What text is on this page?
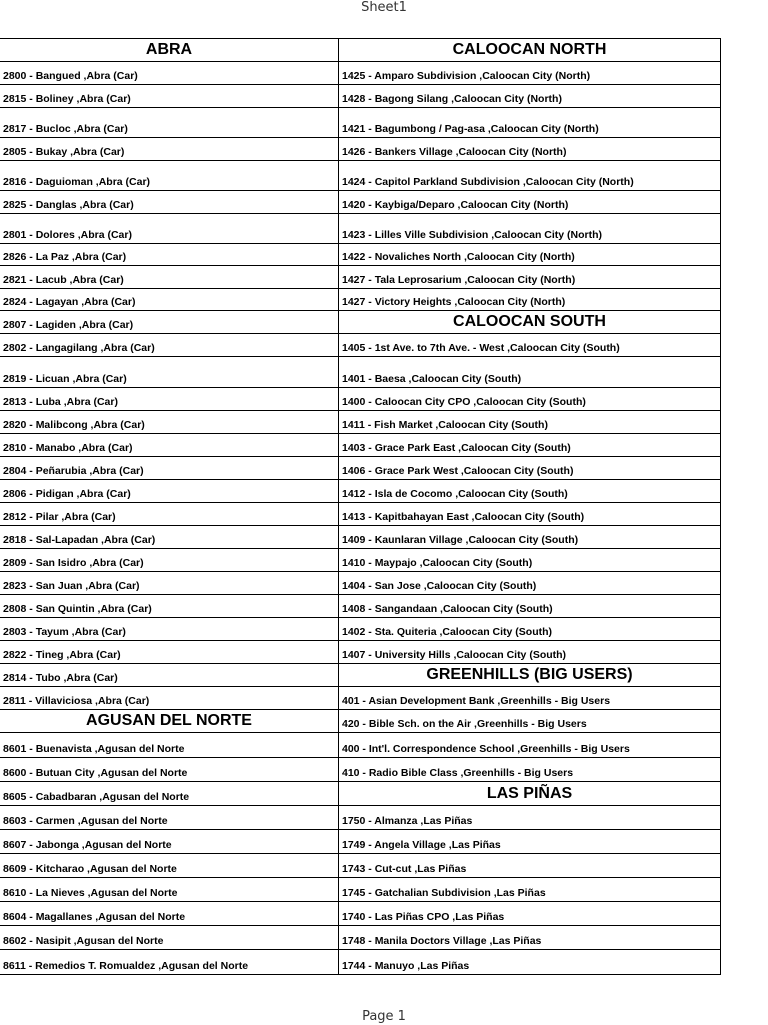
Sheet1
ABRA
2800 - Bangued ,Abra (Car)
2815 - Boliney ,Abra (Car)
2817 - Bucloc ,Abra (Car)
2805 - Bukay ,Abra (Car)
2816 - Daguioman ,Abra (Car)
2825 - Danglas ,Abra (Car)
2801 - Dolores ,Abra (Car)
2826 - La Paz ,Abra (Car)
2821 - Lacub ,Abra (Car)
2824 - Lagayan ,Abra (Car)
2807 - Lagiden ,Abra (Car)
2802 - Langagilang ,Abra (Car)
2819 - Licuan ,Abra (Car)
2813 - Luba ,Abra (Car)
2820 - Malibcong ,Abra (Car)
2810 - Manabo ,Abra (Car)
2804 - Peñarubia ,Abra (Car)
2806 - Pidigan ,Abra (Car)
2812 - Pilar ,Abra (Car)
2818 - Sal-Lapadan ,Abra (Car)
2809 - San Isidro ,Abra (Car)
2823 - San Juan ,Abra (Car)
2808 - San Quintin ,Abra (Car)
2803 - Tayum ,Abra (Car)
2822 - Tineg ,Abra (Car)
2814 - Tubo ,Abra (Car)
2811 - Villaviciosa ,Abra (Car)
AGUSAN DEL NORTE
8601 - Buenavista ,Agusan del Norte
8600 - Butuan City ,Agusan del Norte
8605 - Cabadbaran ,Agusan del Norte
8603 - Carmen ,Agusan del Norte
8607 - Jabonga ,Agusan del Norte
8609 - Kitcharao ,Agusan del Norte
8610 - La Nieves ,Agusan del Norte
8604 - Magallanes ,Agusan del Norte
8602 - Nasipit ,Agusan del Norte
8611 - Remedios T. Romualdez ,Agusan del Norte
CALOOCAN NORTH
1425 - Amparo Subdivision ,Caloocan City (North)
1428 - Bagong Silang ,Caloocan City (North)
1421 - Bagumbong / Pag-asa ,Caloocan City (North)
1426 - Bankers Village ,Caloocan City (North)
1424 - Capitol Parkland Subdivision ,Caloocan City (North)
1420 - Kaybiga/Deparo ,Caloocan City (North)
1423 - Lilles Ville Subdivision ,Caloocan City (North)
1422 - Novaliches North ,Caloocan City (North)
1427 - Tala Leprosarium ,Caloocan City (North)
1427 - Victory Heights ,Caloocan City (North)
CALOOCAN SOUTH
1405 - 1st Ave. to 7th Ave. - West ,Caloocan City (South)
1401 - Baesa ,Caloocan City (South)
1400 - Caloocan City CPO ,Caloocan City (South)
1411 - Fish Market ,Caloocan City (South)
1403 - Grace Park East ,Caloocan City (South)
1406 - Grace Park West ,Caloocan City (South)
1412 - Isla de Cocomo ,Caloocan City (South)
1413 - Kapitbahayan East ,Caloocan City (South)
1409 - Kaunlaran Village ,Caloocan City (South)
1410 - Maypajo ,Caloocan City (South)
1404 - San Jose ,Caloocan City (South)
1408 - Sangandaan ,Caloocan City (South)
1402 - Sta. Quiteria ,Caloocan City (South)
1407 - University Hills ,Caloocan City (South)
GREENHILLS (BIG USERS)
401 - Asian Development Bank ,Greenhills - Big Users
420 - Bible Sch. on the Air ,Greenhills - Big Users
400 - Int'l. Correspondence School ,Greenhills - Big Users
410 - Radio Bible Class ,Greenhills - Big Users
LAS PIÑAS
1750 - Almanza ,Las Piñas
1749 - Angela Village ,Las Piñas
1743 - Cut-cut ,Las Piñas
1745 - Gatchalian Subdivision ,Las Piñas
1740 - Las Piñas CPO ,Las Piñas
1748 - Manila Doctors Village ,Las Piñas
1744 - Manuyo ,Las Piñas
Page 1
